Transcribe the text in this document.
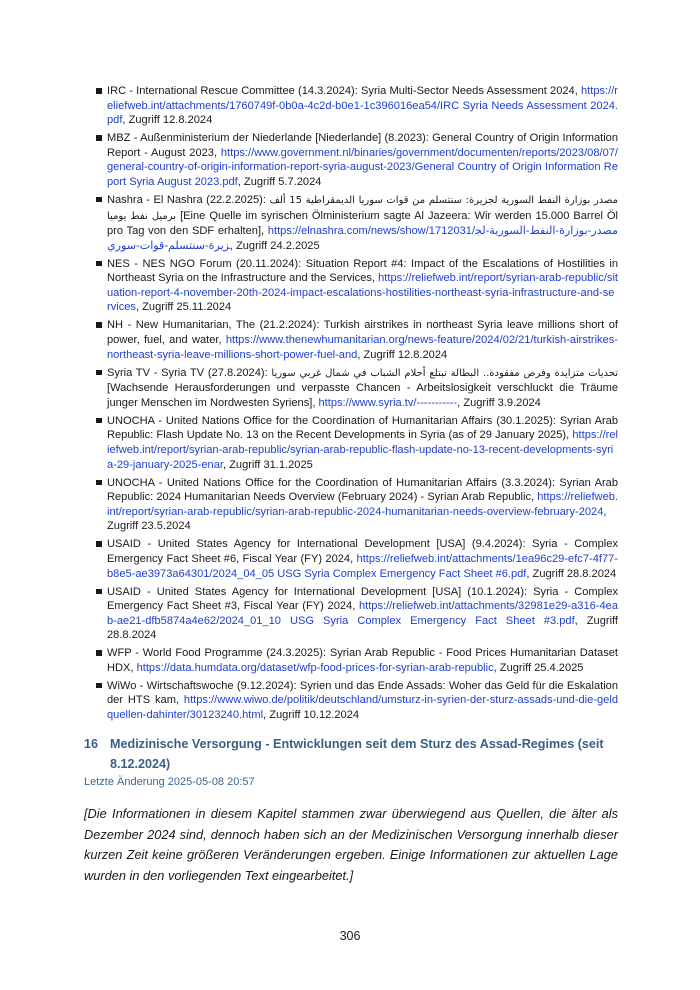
IRC - International Rescue Committee (14.3.2024): Syria Multi-Sector Needs Assessment 2024, https://reliefweb.int/attachments/1760749f-0b0a-4c2d-b0e1-1c396016ea54/IRC Syria Needs Assessment 2024.pdf, Zugriff 12.8.2024
MBZ - Außenministerium der Niederlande [Niederlande] (8.2023): General Country of Origin Information Report - August 2023, https://www.government.nl/binaries/government/documenten/reports/2023/08/07/general-country-of-origin-information-report-syria-august-2023/General Country of Origin Information Report Syria August 2023.pdf, Zugriff 5.7.2024
Nashra - El Nashra (22.2.2025): مصدر بوزارة النفط السورية لجزيرة: سنتسلم من قوات سوريا الديمقراطية 15 ألف برميل نفط يوميا [Eine Quelle im syrischen Ölministerium sagte Al Jazeera: Wir werden 15.000 Barrel Öl pro Tag von den SDF erhalten], https://elnashra.com/news/show/1712031/مصدر-بوزارة-النفط-السورية-لجزيرة-سنتسلم-قوات-سوري, Zugriff 24.2.2025
NES - NES NGO Forum (20.11.2024): Situation Report #4: Impact of the Escalations of Hostilities in Northeast Syria on the Infrastructure and the Services, https://reliefweb.int/report/syrian-arab-republic/situation-report-4-november-20th-2024-impact-escalations-hostilities-northeast-syria-infrastructure-and-services, Zugriff 25.11.2024
NH - New Humanitarian, The (21.2.2024): Turkish airstrikes in northeast Syria leave millions short of power, fuel, and water, https://www.thenewhumanitarian.org/news-feature/2024/02/21/turkish-airstrikes-northeast-syria-leave-millions-short-power-fuel-and, Zugriff 12.8.2024
Syria TV - Syria TV (27.8.2024): تحديات متزايدة وفرص مفقودة.. البطالة تبتلع أحلام الشباب في شمال غربي سوريا [Wachsende Herausforderungen und verpasste Chancen - Arbeitslosigkeit verschluckt die Träume junger Menschen im Nordwesten Syriens], https://www.syria.tv/-----------, Zugriff 3.9.2024
UNOCHA - United Nations Office for the Coordination of Humanitarian Affairs (30.1.2025): Syrian Arab Republic: Flash Update No. 13 on the Recent Developments in Syria (as of 29 January 2025), https://reliefweb.int/report/syrian-arab-republic/syrian-arab-republic-flash-update-no-13-recent-developments-syria-29-january-2025-enar, Zugriff 31.1.2025
UNOCHA - United Nations Office for the Coordination of Humanitarian Affairs (3.3.2024): Syrian Arab Republic: 2024 Humanitarian Needs Overview (February 2024) - Syrian Arab Republic, https://reliefweb.int/report/syrian-arab-republic/syrian-arab-republic-2024-humanitarian-needs-overview-february-2024, Zugriff 23.5.2024
USAID - United States Agency for International Development [USA] (9.4.2024): Syria - Complex Emergency Fact Sheet #6, Fiscal Year (FY) 2024, https://reliefweb.int/attachments/1ea96c29-efc7-4f77-b8e5-ae3973a64301/2024_04_05 USG Syria Complex Emergency Fact Sheet #6.pdf, Zugriff 28.8.2024
USAID - United States Agency for International Development [USA] (10.1.2024): Syria - Complex Emergency Fact Sheet #3, Fiscal Year (FY) 2024, https://reliefweb.int/attachments/32981e29-a316-4eab-ae21-dfb5874a4e62/2024_01_10 USG Syria Complex Emergency Fact Sheet #3.pdf, Zugriff 28.8.2024
WFP - World Food Programme (24.3.2025): Syrian Arab Republic - Food Prices Humanitarian Dataset HDX, https://data.humdata.org/dataset/wfp-food-prices-for-syrian-arab-republic, Zugriff 25.4.2025
WiWo - Wirtschaftswoche (9.12.2024): Syrien und das Ende Assads: Woher das Geld für die Eskalation der HTS kam, https://www.wiwo.de/politik/deutschland/umsturz-in-syrien-der-sturz-assads-und-die-geldquellen-dahinter/30123240.html, Zugriff 10.12.2024
16 Medizinische Versorgung - Entwicklungen seit dem Sturz des Assad-Regimes (seit 8.12.2024)
Letzte Änderung 2025-05-08 20:57
[Die Informationen in diesem Kapitel stammen zwar überwiegend aus Quellen, die älter als Dezember 2024 sind, dennoch haben sich an der Medizinischen Versorgung innerhalb dieser kurzen Zeit keine größeren Veränderungen ergeben. Einige Informationen zur aktuellen Lage wurden in den vorliegenden Text eingearbeitet.]
306
